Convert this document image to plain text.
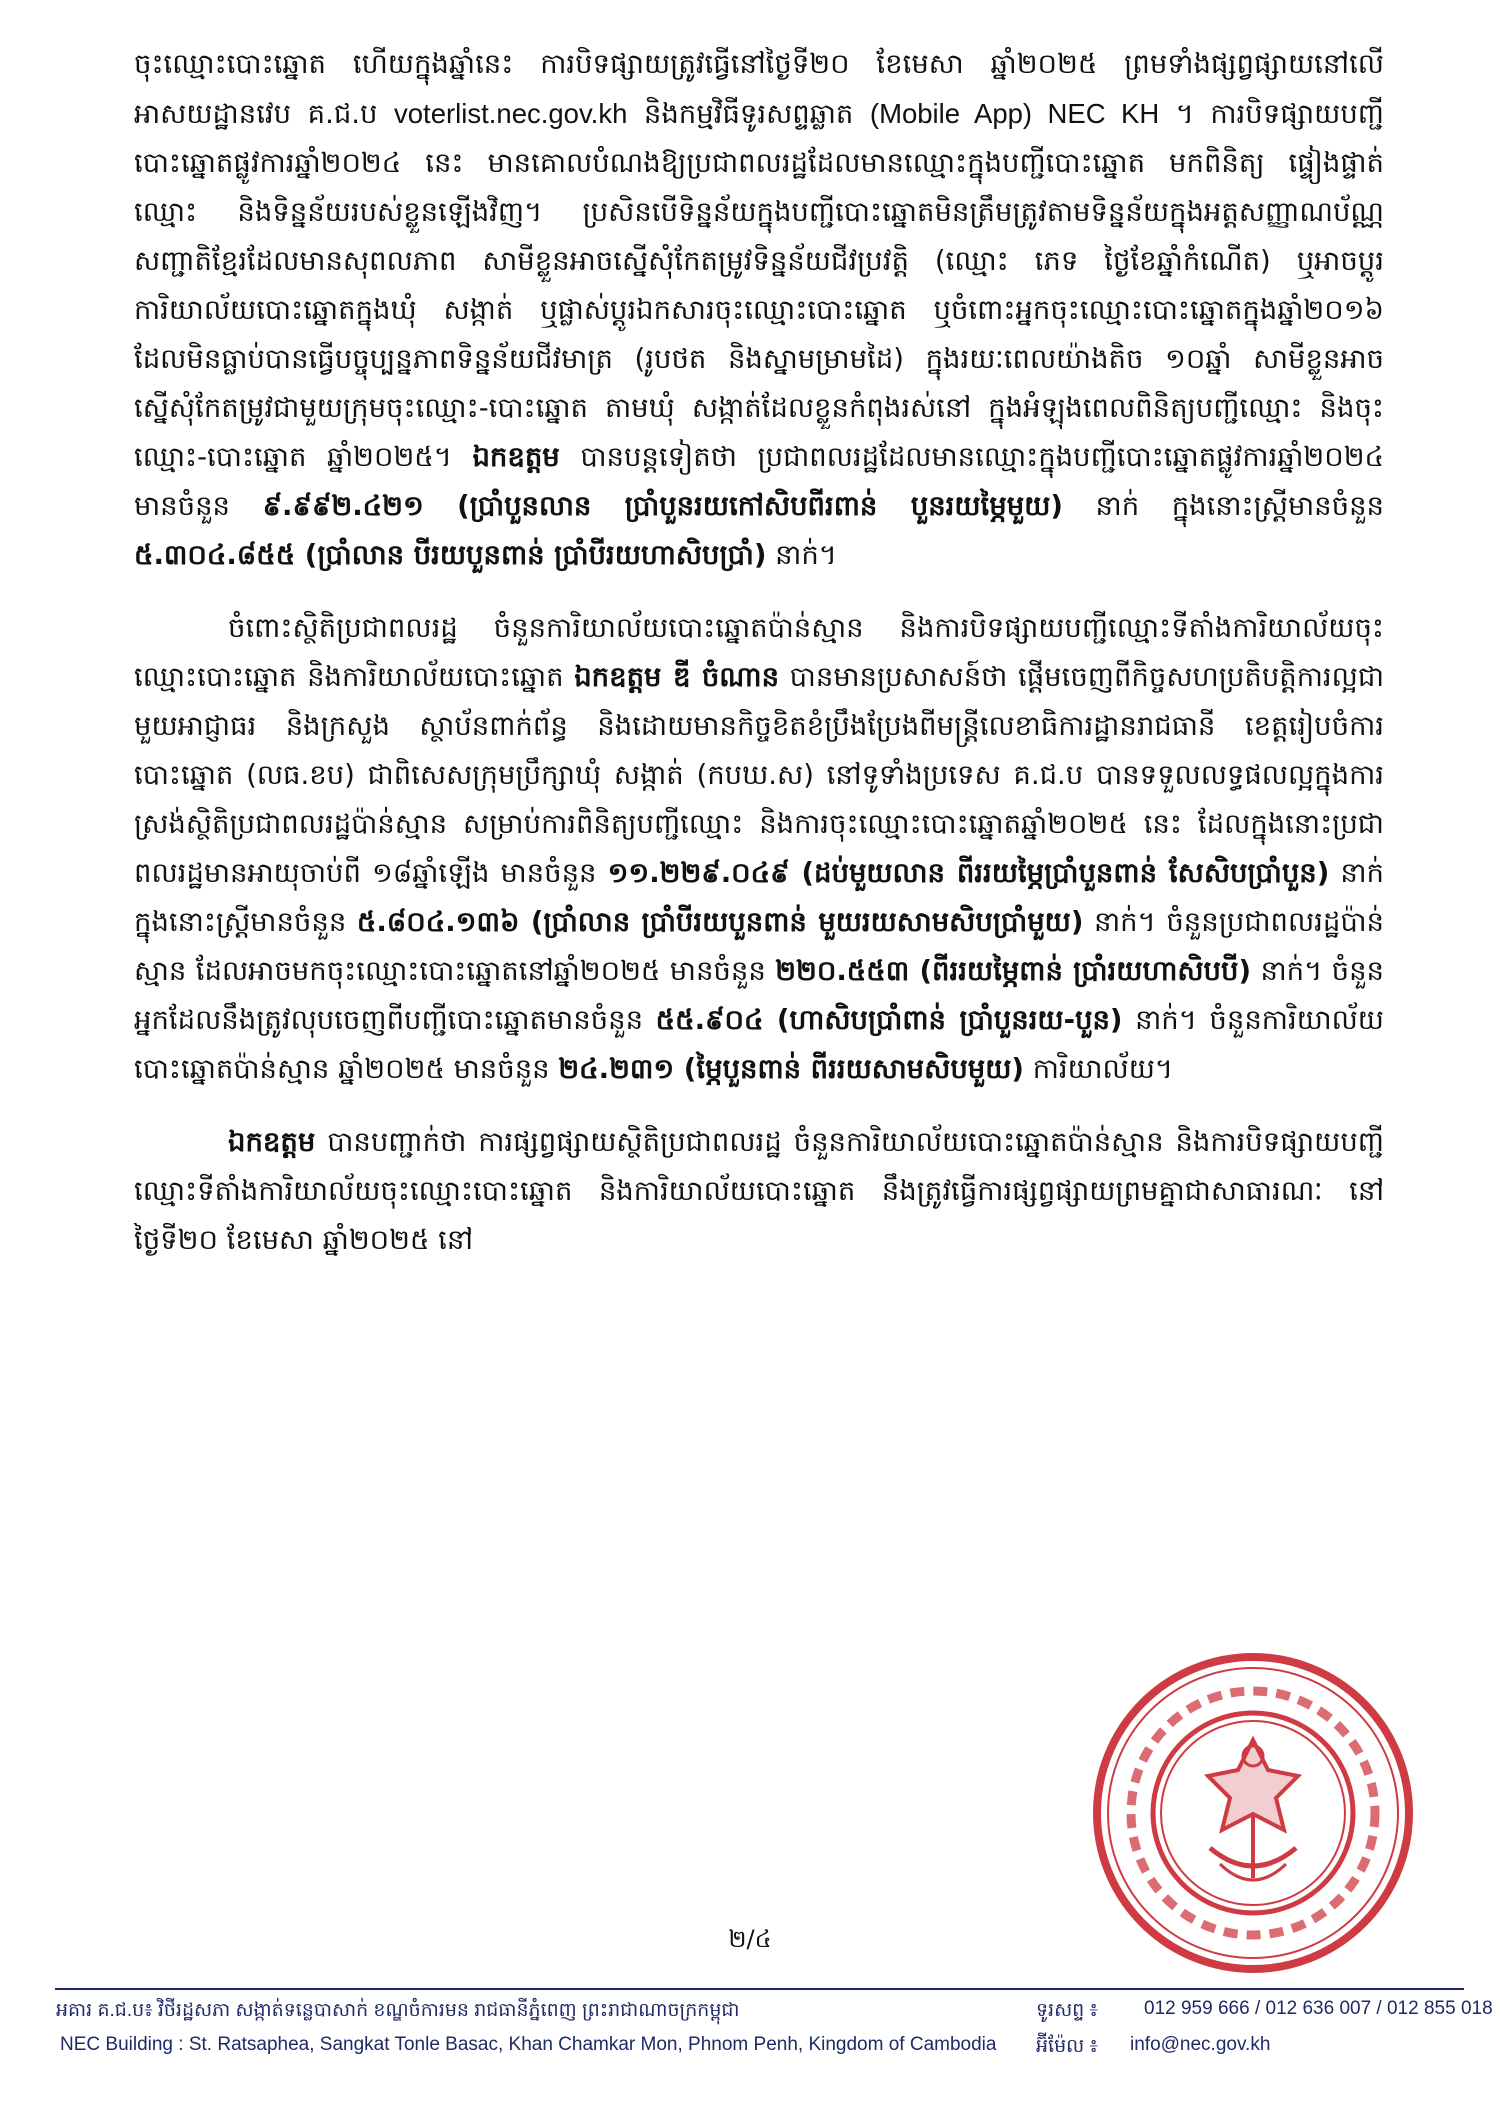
ចុះឈ្មោះបោះឆ្នោត ហើយក្នុងឆ្នាំនេះ ការបិទផ្សាយត្រូវធ្វើនៅថ្ងៃទី២០ ខែមេសា ឆ្នាំ២០២៥ ព្រមទាំងផ្សព្វផ្សាយនៅលើអាសយដ្ឋានវេប គ.ជ.ប voterlist.nec.gov.kh និងកម្មវិធីទូរសព្ទឆ្លាត (Mobile App) NEC KH ។ ការបិទផ្សាយបញ្ជីបោះឆ្នោតផ្លូវការឆ្នាំ២០២៤ នេះ មានគោលបំណងឱ្យប្រជាពលរដ្ឋដែលមានឈ្មោះក្នុងបញ្ជីបោះឆ្នោត មកពិនិត្យ ផ្ទៀងផ្ទាត់ឈ្មោះ និងទិន្នន័យរបស់ខ្លួនឡើងវិញ។ ប្រសិនបើទិន្នន័យក្នុងបញ្ជីបោះឆ្នោតមិនត្រឹមត្រូវតាមទិន្នន័យក្នុងអត្តសញ្ញាណប័ណ្ណសញ្ជាតិខ្មែរដែលមានសុពលភាព សាមីខ្លួនអាចស្នើសុំកែតម្រូវទិន្នន័យជីវប្រវត្តិ (ឈ្មោះ ភេទ ថ្ងៃខែឆ្នាំកំណើត) ឬអាចប្តូរការិយាល័យបោះឆ្នោតក្នុងឃុំ សង្កាត់ ឬផ្លាស់ប្តូរឯកសារចុះឈ្មោះបោះឆ្នោត ឬចំពោះអ្នកចុះឈ្មោះបោះឆ្នោតក្នុងឆ្នាំ២០១៦ ដែលមិនធ្លាប់បានធ្វើបច្ចុប្បន្នភាពទិន្នន័យជីវមាត្រ (រូបថត និងស្នាមម្រាមដៃ) ក្នុងរយៈពេលយ៉ាងតិច ១០ឆ្នាំ សាមីខ្លួនអាចស្នើសុំកែតម្រូវជាមួយក្រុមចុះឈ្មោះ-បោះឆ្នោត តាមឃុំ សង្កាត់ដែលខ្លួនកំពុងរស់នៅ ក្នុងអំឡុងពេលពិនិត្យបញ្ជីឈ្មោះ និងចុះឈ្មោះ-បោះឆ្នោត ឆ្នាំ២០២៥។ ឯកឧត្តម បានបន្តទៀតថា ប្រជាពលរដ្ឋដែលមានឈ្មោះក្នុងបញ្ជីបោះឆ្នោតផ្លូវការឆ្នាំ២០២៤ មានចំនួន ៩.៩៩២.៤២១ (ប្រាំបួនលាន ប្រាំបួនរយកៅសិបពីរពាន់ បួនរយម្ភៃមួយ) នាក់ ក្នុងនោះស្ត្រីមានចំនួន ៥.៣០៤.៨៥៥ (ប្រាំលាន បីរយបួនពាន់ ប្រាំបីរយហាសិបប្រាំ) នាក់។

ចំពោះស្ថិតិប្រជាពលរដ្ឋ ចំនួនការិយាល័យបោះឆ្នោតប៉ាន់ស្មាន និងការបិទផ្សាយបញ្ជីឈ្មោះទីតាំងការិយាល័យចុះឈ្មោះបោះឆ្នោត និងការិយាល័យបោះឆ្នោត ឯកឧត្តម ឌី ចំណាន បានមានប្រសាសន៍ថា ផ្តើមចេញពីកិច្ចសហប្រតិបត្តិការល្អជាមួយអាជ្ញាធរ និងក្រសួង ស្ថាប័នពាក់ព័ន្ធ និងដោយមានកិច្ចខិតខំប្រឹងប្រែងពីមន្ត្រីលេខាធិការដ្ឋានរាជធានី ខេត្តរៀបចំការបោះឆ្នោត (លធ.ខប) ជាពិសេសក្រុមប្រឹក្សាឃុំ សង្កាត់ (កបឃ.ស) នៅទូទាំងប្រទេស គ.ជ.ប បានទទួលលទ្ធផលល្អក្នុងការស្រង់ស្ថិតិប្រជាពលរដ្ឋប៉ាន់ស្មាន សម្រាប់ការពិនិត្យបញ្ជីឈ្មោះ និងការចុះឈ្មោះបោះឆ្នោតឆ្នាំ២០២៥ នេះ ដែលក្នុងនោះប្រជាពលរដ្ឋមានអាយុចាប់ពី ១៨ឆ្នាំឡើង មានចំនួន ១១.២២៩.០៤៩ (ដប់មួយលាន ពីររយម្ភៃប្រាំបួនពាន់ សែសិបប្រាំបួន) នាក់ ក្នុងនោះស្ត្រីមានចំនួន ៥.៨០៤.១៣៦ (ប្រាំលាន ប្រាំបីរយបួនពាន់ មួយរយសាមសិបប្រាំមួយ) នាក់។ ចំនួនប្រជាពលរដ្ឋប៉ាន់ស្មាន ដែលអាចមកចុះឈ្មោះបោះឆ្នោតនៅឆ្នាំ២០២៥ មានចំនួន ២២០.៥៥៣ (ពីររយម្ភៃពាន់ ប្រាំរយហាសិបបី) នាក់។ ចំនួនអ្នកដែលនឹងត្រូវលុបចេញពីបញ្ជីបោះឆ្នោតមានចំនួន ៥៥.៩០៤ (ហាសិបប្រាំពាន់ ប្រាំបួនរយ-បួន) នាក់។ ចំនួនការិយាល័យបោះឆ្នោតប៉ាន់ស្មាន ឆ្នាំ២០២៥ មានចំនួន ២៤.២៣១ (ម្ភៃបួនពាន់ ពីររយសាមសិបមួយ) ការិយាល័យ។

ឯកឧត្តម បានបញ្ជាក់ថា ការផ្សព្វផ្សាយស្ថិតិប្រជាពលរដ្ឋ ចំនួនការិយាល័យបោះឆ្នោតប៉ាន់ស្មាន និងការបិទផ្សាយបញ្ជីឈ្មោះទីតាំងការិយាល័យចុះឈ្មោះបោះឆ្នោត និងការិយាល័យបោះឆ្នោត នឹងត្រូវធ្វើការផ្សព្វផ្សាយព្រមគ្នាជាសាធារណៈ នៅថ្ងៃទី២០ ខែមេសា ឆ្នាំ២០២៥ នៅ

២/៤
អគារ គ.ជ.ប៖ វិថីរដ្ឋសភា សង្កាត់ទន្លេបាសាក់ ខណ្ឌចំការមន រាជធានីភ្នំពេញ ព្រះរាជាណាចក្រកម្ពុជា	ទូរសព្ទ ៖ 012 959 666 / 012 636 007 / 012 855 018
NEC Building : St. Ratsaphea, Sangkat Tonle Basac, Khan Chamkar Mon, Phnom Penh, Kingdom of Cambodia អ៊ីម៉ែល ៖ info@nec.gov.kh
